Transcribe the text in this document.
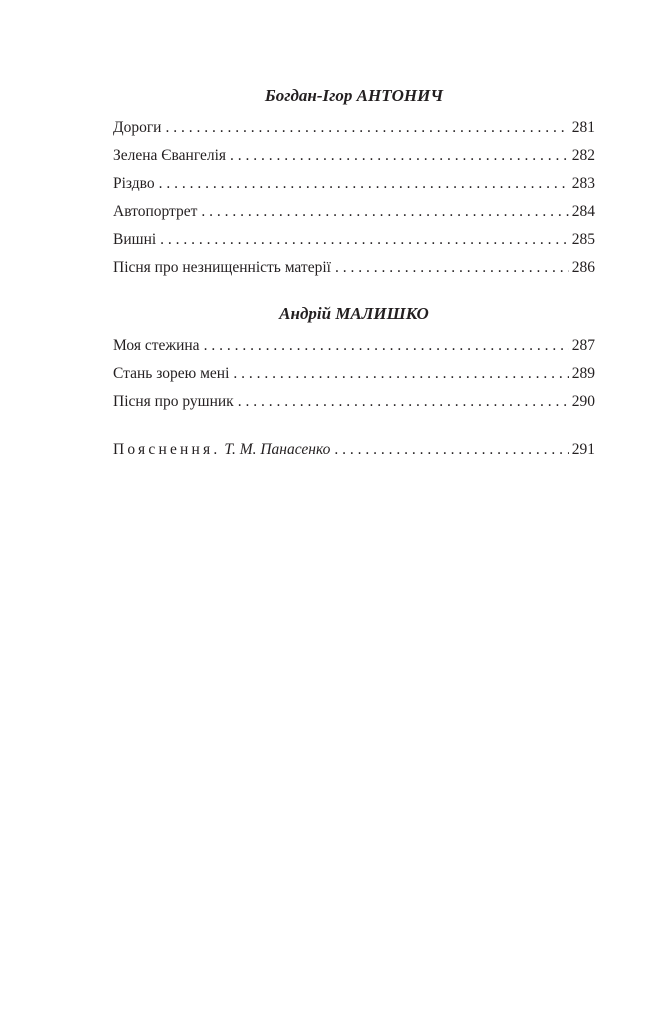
Богдан-Ігор АНТОНИЧ
Дороги . . .	281
Зелена Євангелія . . .	282
Різдво . . .	283
Автопортрет . . .	284
Вишні . . .	285
Пісня про незнищенність матерії . . .	286
Андрій МАЛИШКО
Моя стежина . . .	287
Стань зорею мені . . .	289
Пісня про рушник . . .	290
Пояснення. Т. М. Панасенко . . .	291
